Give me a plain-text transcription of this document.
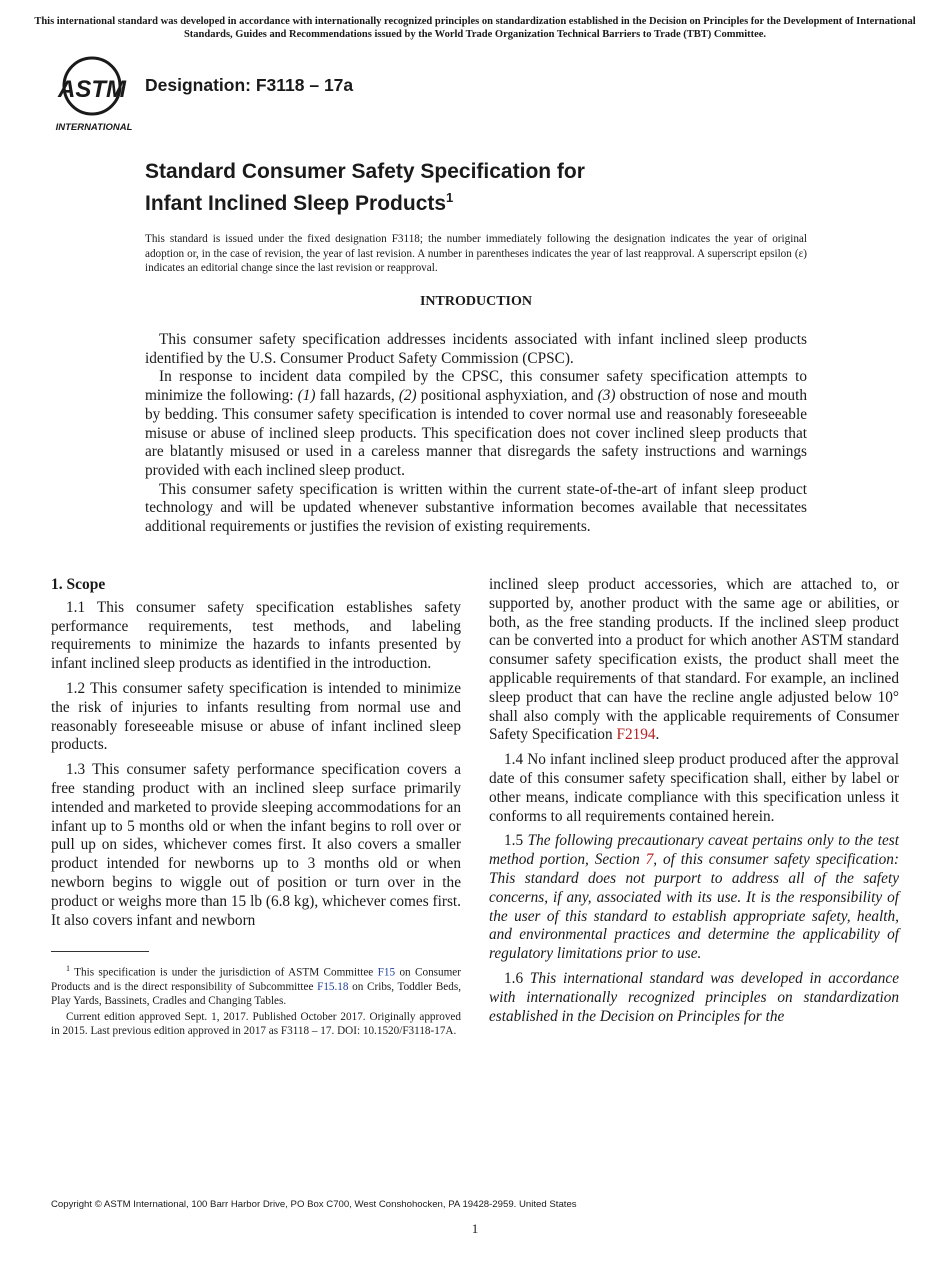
This international standard was developed in accordance with internationally recognized principles on standardization established in the Decision on Principles for the Development of International Standards, Guides and Recommendations issued by the World Trade Organization Technical Barriers to Trade (TBT) Committee.
ASTM
INTERNATIONAL
Designation: F3118 – 17a
Standard Consumer Safety Specification for
Infant Inclined Sleep Products$^1$
This standard is issued under the fixed designation F3118; the number immediately following the designation indicates the year of original adoption or, in the case of revision, the year of last revision. A number in parentheses indicates the year of last reapproval. A superscript epsilon (ε) indicates an editorial change since the last revision or reapproval.
INTRODUCTION

This consumer safety specification addresses incidents associated with infant inclined sleep products identified by the U.S. Consumer Product Safety Commission (CPSC).

In response to incident data compiled by the CPSC, this consumer safety specification attempts to minimize the following: (1) fall hazards, (2) positional asphyxiation, and (3) obstruction of nose and mouth by bedding. This consumer safety specification is intended to cover normal use and reasonably foreseeable misuse or abuse of inclined sleep products. This specification does not cover inclined sleep products that are blatantly misused or used in a careless manner that disregards the safety instructions and warnings provided with each inclined sleep product.

This consumer safety specification is written within the current state-of-the-art of infant sleep product technology and will be updated whenever substantive information becomes available that necessitates additional requirements or justifies the revision of existing requirements.

1. Scope

1.1 This consumer safety specification establishes safety performance requirements, test methods, and labeling requirements to minimize the hazards to infants presented by infant inclined sleep products as identified in the introduction.

1.2 This consumer safety specification is intended to minimize the risk of injuries to infants resulting from normal use and reasonably foreseeable misuse or abuse of infant inclined sleep products.

1.3 This consumer safety performance specification covers a free standing product with an inclined sleep surface primarily intended and marketed to provide sleeping accommodations for an infant up to 5 months old or when the infant begins to roll over or pull up on sides, whichever comes first. It also covers a smaller product intended for newborns up to 3 months old or when newborn begins to wiggle out of position or turn over in the product or weighs more than 15 lb (6.8 kg), whichever comes first. It also covers infant and newborn

inclined sleep product accessories, which are attached to, or supported by, another product with the same age or abilities, or both, as the free standing products. If the inclined sleep product can be converted into a product for which another ASTM standard consumer safety specification exists, the product shall meet the applicable requirements of that standard. For example, an inclined sleep product that can have the recline angle adjusted below 10° shall also comply with the applicable requirements of Consumer Safety Specification F2194.

1.4 No infant inclined sleep product produced after the approval date of this consumer safety specification shall, either by label or other means, indicate compliance with this specification unless it conforms to all requirements contained herein.

1.5 The following precautionary caveat pertains only to the test method portion, Section 7, of this consumer safety specification: This standard does not purport to address all of the safety concerns, if any, associated with its use. It is the responsibility of the user of this standard to establish appropriate safety, health, and environmental practices and determine the applicability of regulatory limitations prior to use.

1.6 This international standard was developed in accordance with internationally recognized principles on standardization established in the Decision on Principles for the

$^1$ This specification is under the jurisdiction of ASTM Committee F15 on Consumer Products and is the direct responsibility of Subcommittee F15.18 on Cribs, Toddler Beds, Play Yards, Bassinets, Cradles and Changing Tables.

Current edition approved Sept. 1, 2017. Published October 2017. Originally approved in 2015. Last previous edition approved in 2017 as F3118 – 17. DOI: 10.1520/F3118-17A.

Copyright © ASTM International, 100 Barr Harbor Drive, PO Box C700, West Conshohocken, PA 19428-2959. United States
1
